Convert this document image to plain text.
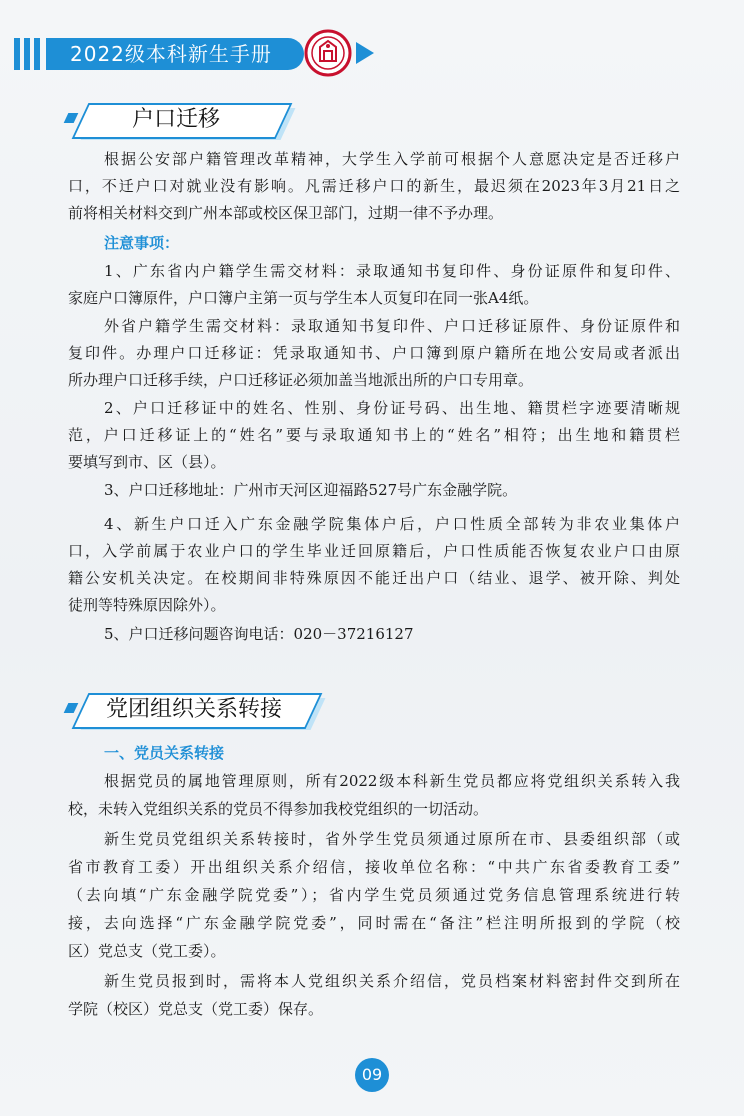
2022级本科新生手册
户口迁移
根据公安部户籍管理改革精神，大学生入学前可根据个人意愿决定是否迁移户
口，不迁户口对就业没有影响。凡需迁移户口的新生，最迟须在2023年3月21日之
前将相关材料交到广州本部或校区保卫部门，过期一律不予办理。
注意事项：
1、广东省内户籍学生需交材料：录取通知书复印件、身份证原件和复印件、
家庭户口簿原件，户口簿户主第一页与学生本人页复印在同一张A4纸。
外省户籍学生需交材料：录取通知书复印件、户口迁移证原件、身份证原件和
复印件。办理户口迁移证：凭录取通知书、户口簿到原户籍所在地公安局或者派出
所办理户口迁移手续，户口迁移证必须加盖当地派出所的户口专用章。
2、户口迁移证中的姓名、性别、身份证号码、出生地、籍贯栏字迹要清晰规
范，户口迁移证上的“姓名”要与录取通知书上的“姓名”相符；出生地和籍贯栏
要填写到市、区（县）。
3、户口迁移地址：广州市天河区迎福路527号广东金融学院。
4、新生户口迁入广东金融学院集体户后，户口性质全部转为非农业集体户
口，入学前属于农业户口的学生毕业迁回原籍后，户口性质能否恢复农业户口由原
籍公安机关决定。在校期间非特殊原因不能迁出户口（结业、退学、被开除、判处
徒刑等特殊原因除外）。
5、户口迁移问题咨询电话：020－37216127
党团组织关系转接
一、党员关系转接
根据党员的属地管理原则，所有2022级本科新生党员都应将党组织关系转入我
校，未转入党组织关系的党员不得参加我校党组织的一切活动。
新生党员党组织关系转接时，省外学生党员须通过原所在市、县委组织部（或
省市教育工委）开出组织关系介绍信，接收单位名称：“中共广东省委教育工委”
（去向填“广东金融学院党委”）；省内学生党员须通过党务信息管理系统进行转
接，去向选择“广东金融学院党委”，同时需在“备注”栏注明所报到的学院（校
区）党总支（党工委）。
新生党员报到时，需将本人党组织关系介绍信，党员档案材料密封件交到所在
学院（校区）党总支（党工委）保存。
09
